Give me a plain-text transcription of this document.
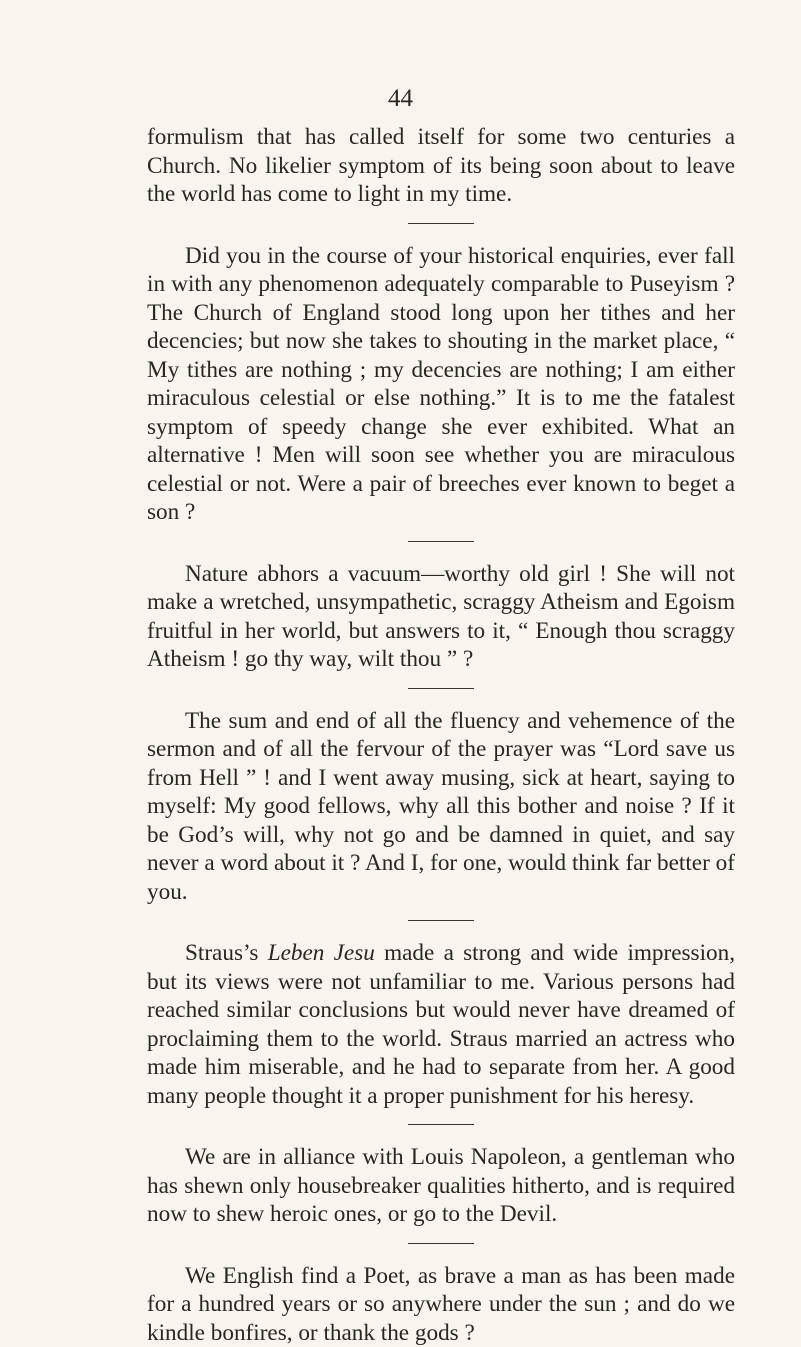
44

formulism that has called itself for some two centuries a Church. No likelier symptom of its being soon about to leave the world has come to light in my time.

Did you in the course of your historical enquiries, ever fall in with any phenomenon adequately comparable to Puseyism ? The Church of England stood long upon her tithes and her decencies; but now she takes to shouting in the market place, “ My tithes are nothing ; my decencies are nothing; I am either miraculous celestial or else nothing.” It is to me the fatalest symptom of speedy change she ever exhibited. What an alternative ! Men will soon see whether you are miraculous celestial or not. Were a pair of breeches ever known to beget a son ?

Nature abhors a vacuum—worthy old girl ! She will not make a wretched, unsympathetic, scraggy Atheism and Egoism fruitful in her world, but answers to it, “ Enough thou scraggy Atheism ! go thy way, wilt thou ” ?

The sum and end of all the fluency and vehemence of the sermon and of all the fervour of the prayer was “Lord save us from Hell ” ! and I went away musing, sick at heart, saying to myself: My good fellows, why all this bother and noise ? If it be God’s will, why not go and be damned in quiet, and say never a word about it ? And I, for one, would think far better of you.

Straus’s Leben Jesu made a strong and wide impression, but its views were not unfamiliar to me. Various persons had reached similar conclusions but would never have dreamed of proclaiming them to the world. Straus married an actress who made him miserable, and he had to separate from her. A good many people thought it a proper punishment for his heresy.

We are in alliance with Louis Napoleon, a gentleman who has shewn only housebreaker qualities hitherto, and is required now to shew heroic ones, or go to the Devil.

We English find a Poet, as brave a man as has been made for a hundred years or so anywhere under the sun ; and do we kindle bonfires, or thank the gods ?
